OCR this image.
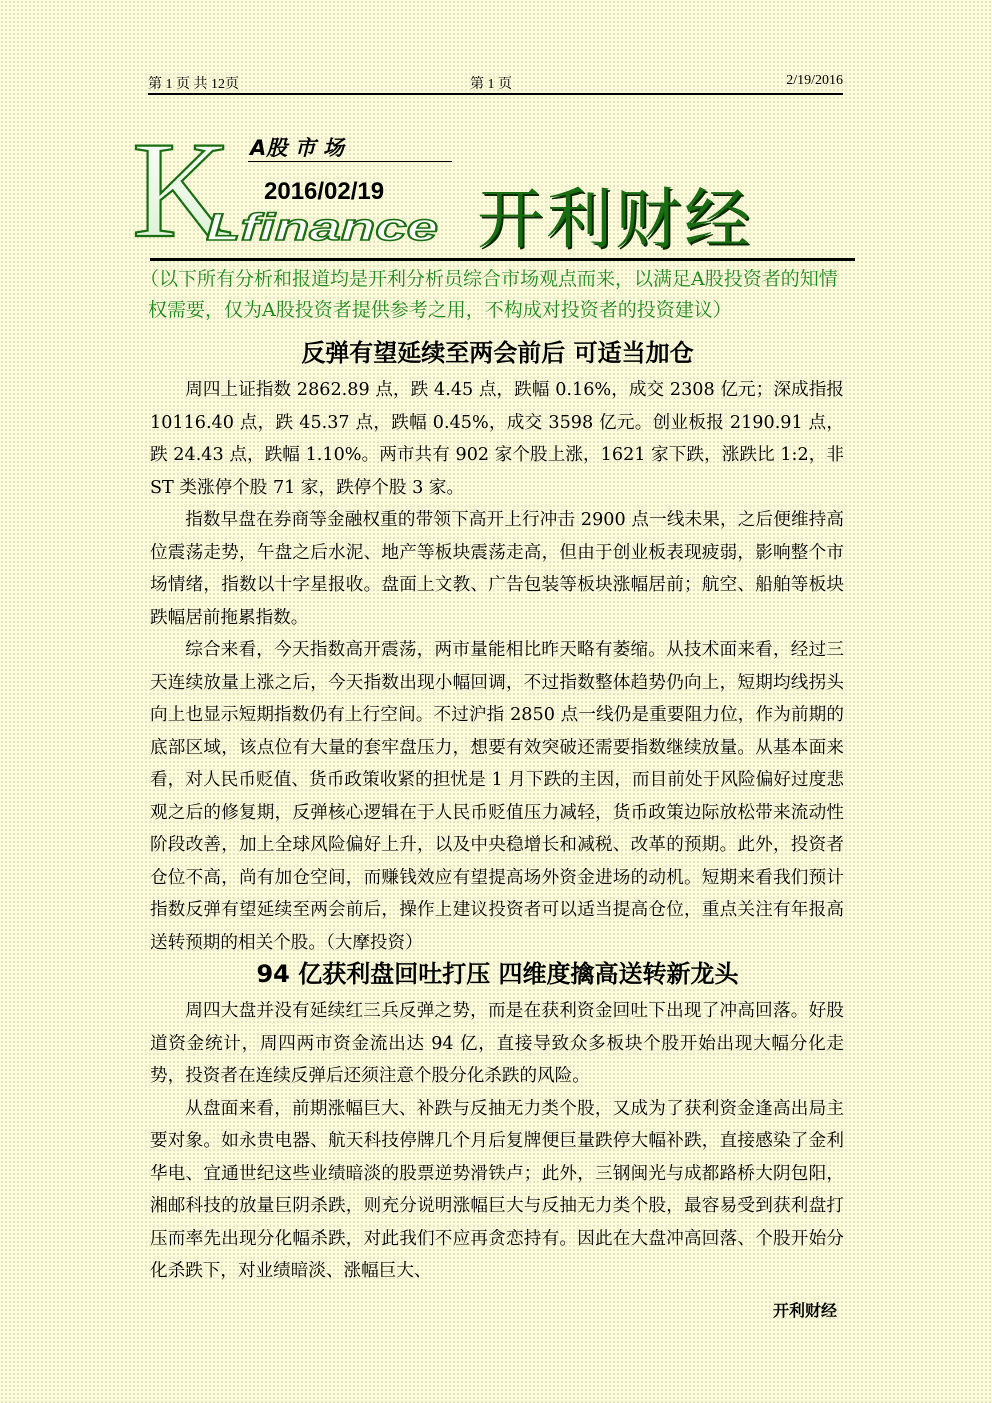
第 1 页 共 12页	第 1 页	2/19/2016
K A股 市 场
2016/02/19
Lfinance 开利财经
（以下所有分析和报道均是开利分析员综合市场观点而来，以满足A股投资者的知情权需要，仅为A股投资者提供参考之用，不构成对投资者的投资建议）
反弹有望延续至两会前后 可适当加仓

周四上证指数 2862.89 点，跌 4.45 点，跌幅 0.16%，成交 2308 亿元；深成指报 10116.40 点，跌 45.37 点，跌幅 0.45%，成交 3598 亿元。创业板报 2190.91 点，跌 24.43 点，跌幅 1.10%。两市共有 902 家个股上涨，1621 家下跌，涨跌比 1:2，非 ST 类涨停个股 71 家，跌停个股 3 家。

指数早盘在券商等金融权重的带领下高开上行冲击 2900 点一线未果，之后便维持高位震荡走势，午盘之后水泥、地产等板块震荡走高，但由于创业板表现疲弱，影响整个市场情绪，指数以十字星报收。盘面上文教、广告包装等板块涨幅居前；航空、船舶等板块跌幅居前拖累指数。

综合来看，今天指数高开震荡，两市量能相比昨天略有萎缩。从技术面来看，经过三天连续放量上涨之后，今天指数出现小幅回调，不过指数整体趋势仍向上，短期均线拐头向上也显示短期指数仍有上行空间。不过沪指 2850 点一线仍是重要阻力位，作为前期的底部区域，该点位有大量的套牢盘压力，想要有效突破还需要指数继续放量。从基本面来看，对人民币贬值、货币政策收紧的担忧是 1 月下跌的主因，而目前处于风险偏好过度悲观之后的修复期，反弹核心逻辑在于人民币贬值压力减轻，货币政策边际放松带来流动性阶段改善，加上全球风险偏好上升，以及中央稳增长和减税、改革的预期。此外，投资者仓位不高，尚有加仓空间，而赚钱效应有望提高场外资金进场的动机。短期来看我们预计指数反弹有望延续至两会前后，操作上建议投资者可以适当提高仓位，重点关注有年报高送转预期的相关个股。（大摩投资）

94 亿获利盘回吐打压 四维度擒高送转新龙头

周四大盘并没有延续红三兵反弹之势，而是在获利资金回吐下出现了冲高回落。好股道资金统计，周四两市资金流出达 94 亿，直接导致众多板块个股开始出现大幅分化走势，投资者在连续反弹后还须注意个股分化杀跌的风险。

从盘面来看，前期涨幅巨大、补跌与反抽无力类个股，又成为了获利资金逢高出局主要对象。如永贵电器、航天科技停牌几个月后复牌便巨量跌停大幅补跌，直接感染了金利华电、宜通世纪这些业绩暗淡的股票逆势滑铁卢；此外，三钢闽光与成都路桥大阴包阳，湘邮科技的放量巨阴杀跌，则充分说明涨幅巨大与反抽无力类个股，最容易受到获利盘打压而率先出现分化幅杀跌，对此我们不应再贪恋持有。因此在大盘冲高回落、个股开始分化杀跌下，对业绩暗淡、涨幅巨大、

开利财经
